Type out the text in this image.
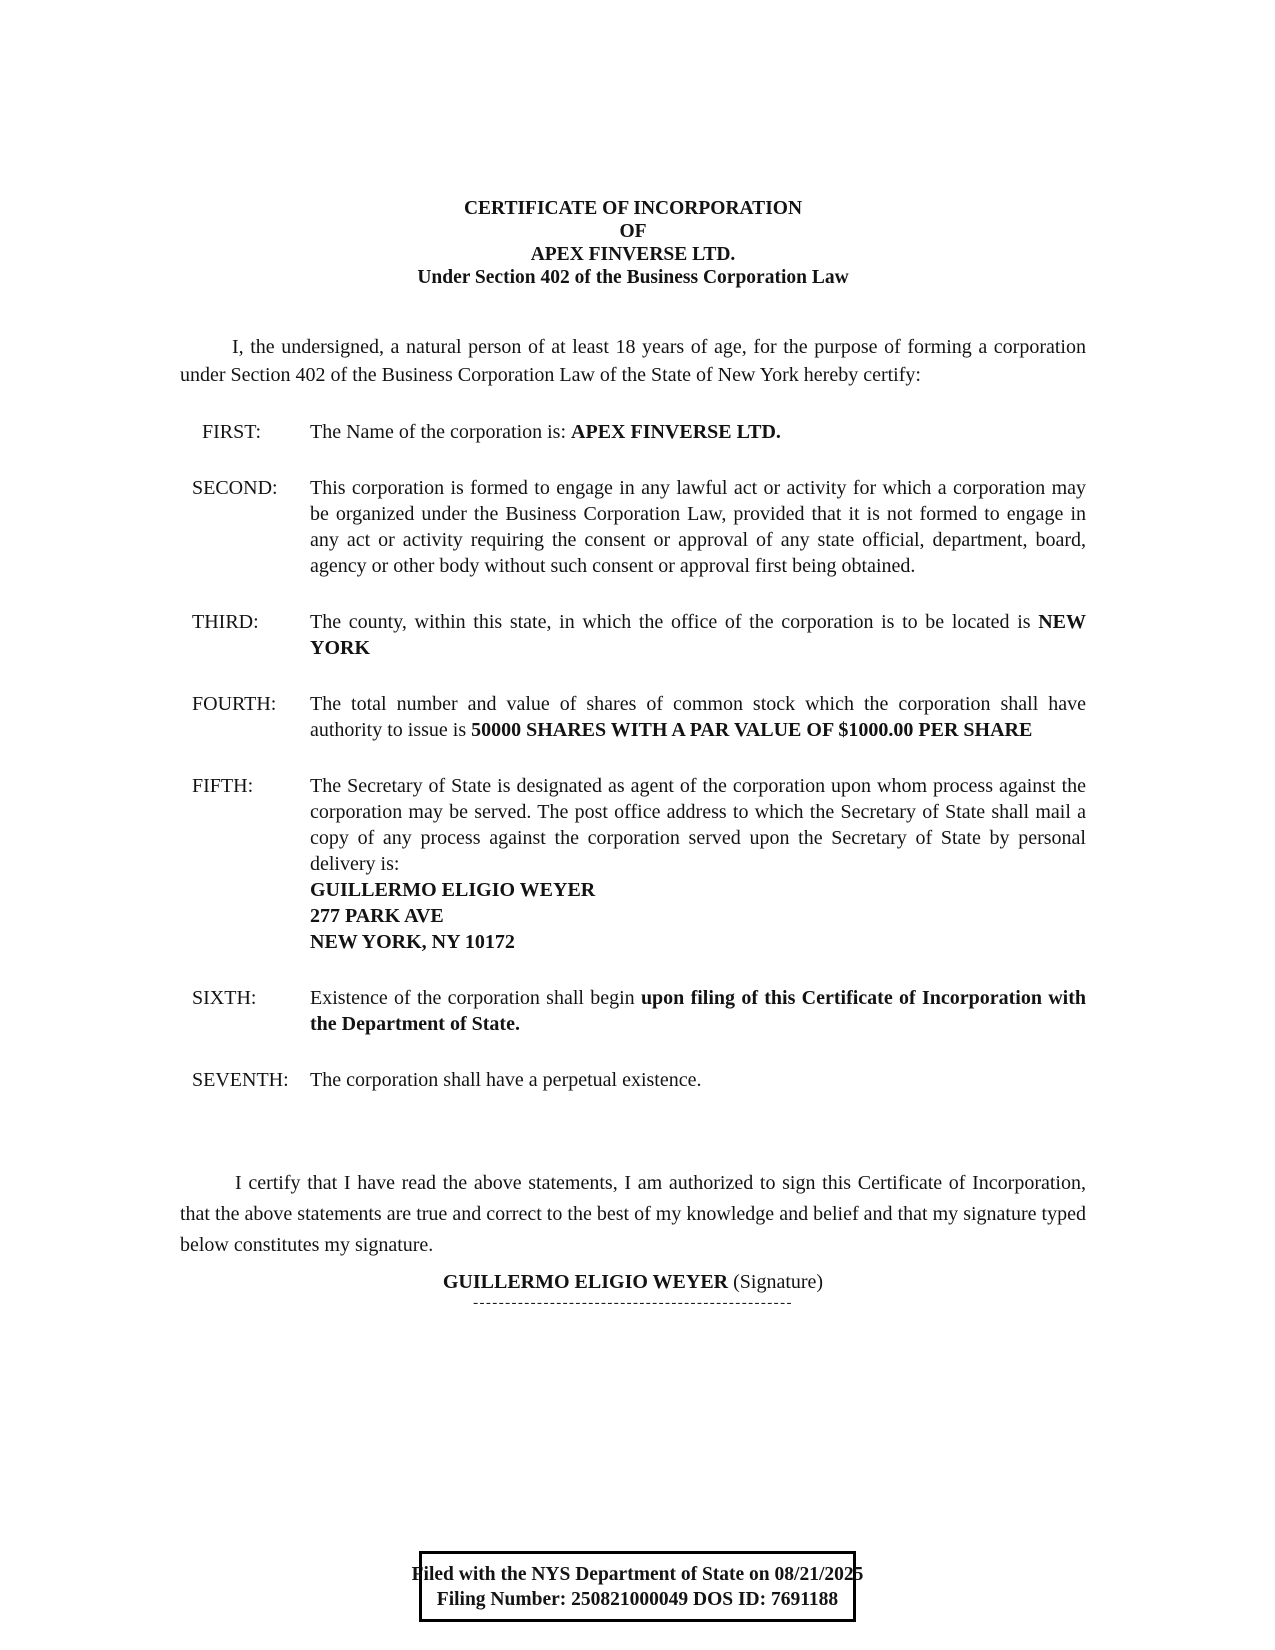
CERTIFICATE OF INCORPORATION
OF
APEX FINVERSE LTD.
Under Section 402 of the Business Corporation Law

I, the undersigned, a natural person of at least 18 years of age, for the purpose of forming a corporation under Section 402 of the Business Corporation Law of the State of New York hereby certify:

FIRST:	The Name of the corporation is: APEX FINVERSE LTD.
SECOND:	This corporation is formed to engage in any lawful act or activity for which a corporation may be organized under the Business Corporation Law, provided that it is not formed to engage in any act or activity requiring the consent or approval of any state official, department, board, agency or other body without such consent or approval first being obtained.
THIRD:	The county, within this state, in which the office of the corporation is to be located is NEW YORK
FOURTH:	The total number and value of shares of common stock which the corporation shall have authority to issue is 50000 SHARES WITH A PAR VALUE OF $1000.00 PER SHARE
FIFTH:	The Secretary of State is designated as agent of the corporation upon whom process against the corporation may be served. The post office address to which the Secretary of State shall mail a copy of any process against the corporation served upon the Secretary of State by personal delivery is:
GUILLERMO ELIGIO WEYER
277 PARK AVE
NEW YORK, NY 10172
SIXTH:	Existence of the corporation shall begin upon filing of this Certificate of Incorporation with the Department of State.
SEVENTH:	The corporation shall have a perpetual existence.

I certify that I have read the above statements, I am authorized to sign this Certificate of Incorporation, that the above statements are true and correct to the best of my knowledge and belief and that my signature typed below constitutes my signature.

GUILLERMO ELIGIO WEYER (Signature)
--------------------------------------------------
Filed with the NYS Department of State on 08/21/2025
Filing Number: 250821000049 DOS ID: 7691188
